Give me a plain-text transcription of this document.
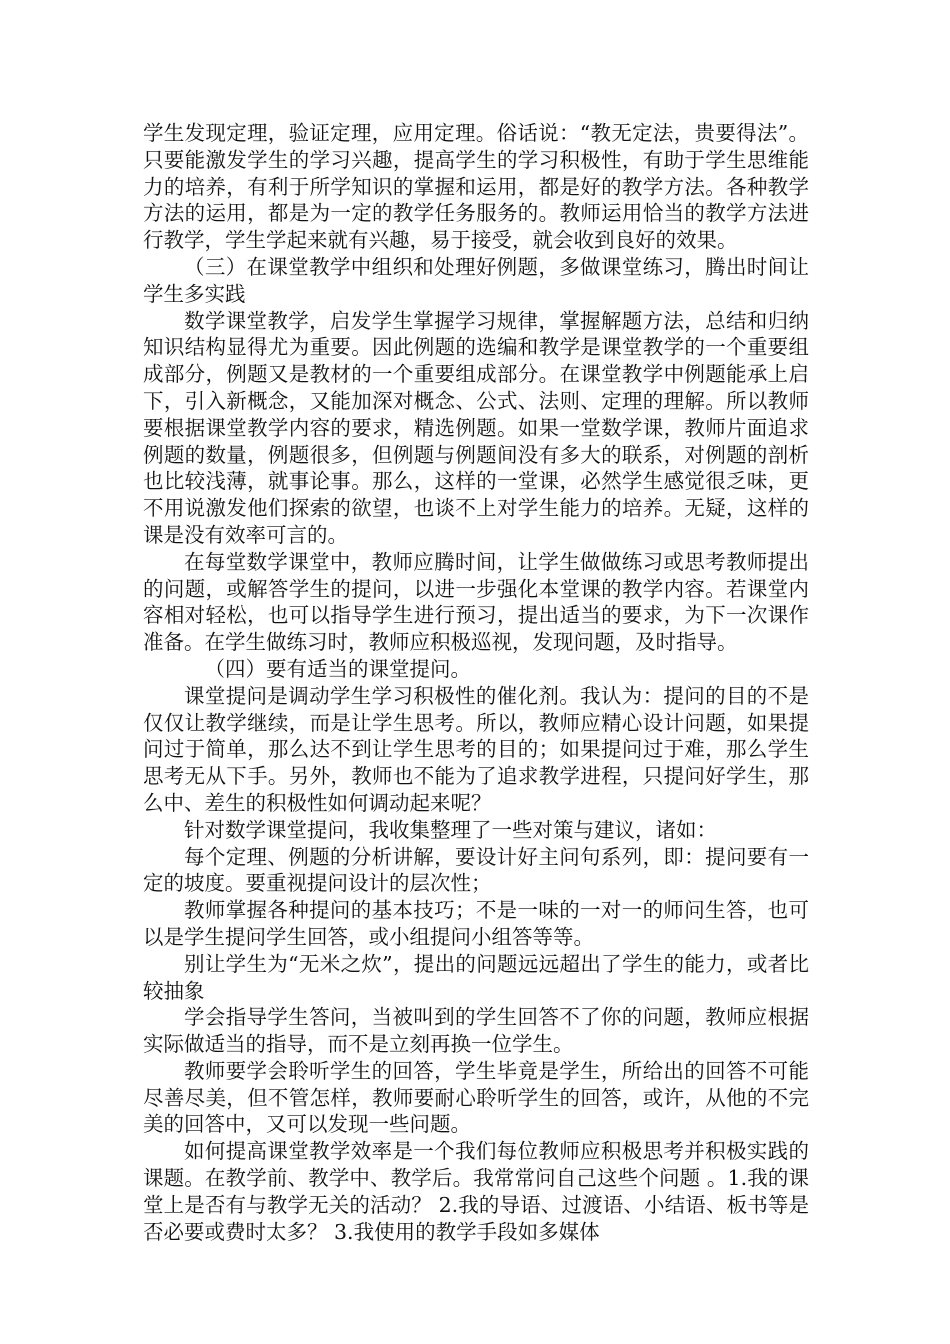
学生发现定理，验证定理，应用定理。俗话说：“教无定法，贵要得法”。只要能激发学生的学习兴趣，提高学生的学习积极性，有助于学生思维能力的培养，有利于所学知识的掌握和运用，都是好的教学方法。各种教学方法的运用，都是为一定的教学任务服务的。教师运用恰当的教学方法进行教学，学生学起来就有兴趣，易于接受，就会收到良好的效果。

（三）在课堂教学中组织和处理好例题，多做课堂练习，腾出时间让学生多实践

数学课堂教学，启发学生掌握学习规律，掌握解题方法，总结和归纳知识结构显得尤为重要。因此例题的选编和教学是课堂教学的一个重要组成部分，例题又是教材的一个重要组成部分。在课堂教学中例题能承上启下，引入新概念，又能加深对概念、公式、法则、定理的理解。所以教师要根据课堂教学内容的要求，精选例题。如果一堂数学课，教师片面追求例题的数量，例题很多，但例题与例题间没有多大的联系，对例题的剖析也比较浅薄，就事论事。那么，这样的一堂课，必然学生感觉很乏味，更不用说激发他们探索的欲望，也谈不上对学生能力的培养。无疑，这样的课是没有效率可言的。

在每堂数学课堂中，教师应腾时间，让学生做做练习或思考教师提出的问题，或解答学生的提问，以进一步强化本堂课的教学内容。若课堂内容相对轻松，也可以指导学生进行预习，提出适当的要求，为下一次课作准备。在学生做练习时，教师应积极巡视，发现问题，及时指导。

（四）要有适当的课堂提问。

课堂提问是调动学生学习积极性的催化剂。我认为：提问的目的不是仅仅让教学继续，而是让学生思考。所以，教师应精心设计问题，如果提问过于简单，那么达不到让学生思考的目的；如果提问过于难，那么学生思考无从下手。另外，教师也不能为了追求教学进程，只提问好学生，那么中、差生的积极性如何调动起来呢？

针对数学课堂提问，我收集整理了一些对策与建议，诸如：

每个定理、例题的分析讲解，要设计好主问句系列，即：提问要有一定的坡度。要重视提问设计的层次性；

教师掌握各种提问的基本技巧；不是一味的一对一的师问生答，也可以是学生提问学生回答，或小组提问小组答等等。

别让学生为“无米之炊”，提出的问题远远超出了学生的能力，或者比较抽象

学会指导学生答问，当被叫到的学生回答不了你的问题，教师应根据实际做适当的指导，而不是立刻再换一位学生。

教师要学会聆听学生的回答，学生毕竟是学生，所给出的回答不可能尽善尽美，但不管怎样，教师要耐心聆听学生的回答，或许，从他的不完美的回答中，又可以发现一些问题。

如何提高课堂教学效率是一个我们每位教师应积极思考并积极实践的课题。在教学前、教学中、教学后。我常常问自己这些个问题 。1.我的课堂上是否有与教学无关的活动？ 2.我的导语、过渡语、小结语、板书等是否必要或费时太多？ 3.我使用的教学手段如多媒体
